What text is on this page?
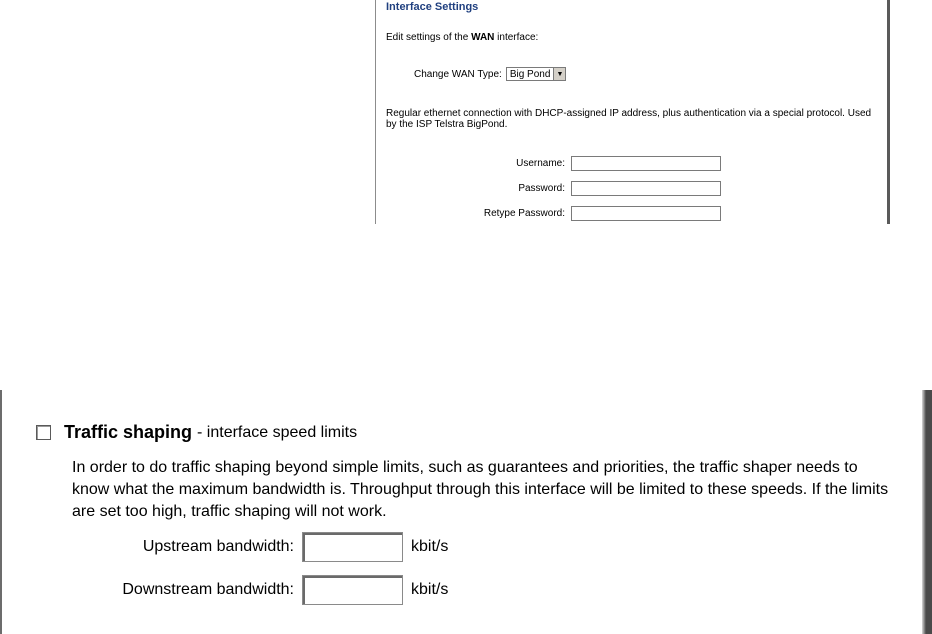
Interface Settings
Edit settings of the WAN interface:
Change WAN Type: Big Pond ▼
Regular ethernet connection with DHCP-assigned IP address, plus authentication via a special protocol. Used by the ISP Telstra BigPond.
Username:
Password:
Retype Password:
Traffic shaping - interface speed limits
In order to do traffic shaping beyond simple limits, such as guarantees and priorities, the traffic shaper needs to know what the maximum bandwidth is. Throughput through this interface will be limited to these speeds. If the limits are set too high, traffic shaping will not work.
Upstream bandwidth:	kbit/s
Downstream bandwidth:	kbit/s
